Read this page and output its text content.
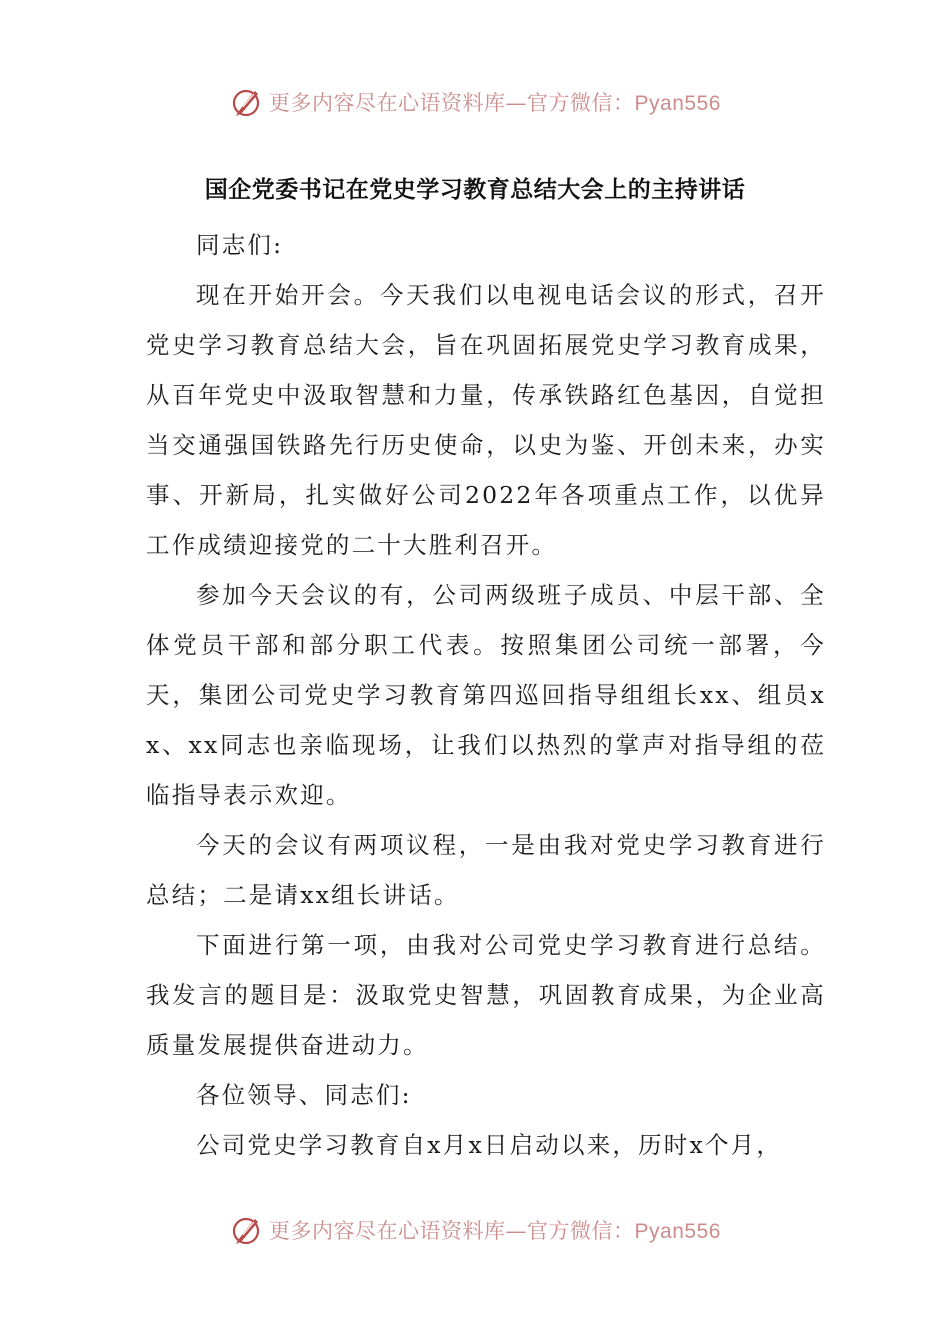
更多内容尽在心语资料库—官方微信：Pyan556
国企党委书记在党史学习教育总结大会上的主持讲话

同志们:

现在开始开会。今天我们以电视电话会议的形式，召开党史学习教育总结大会，旨在巩固拓展党史学习教育成果，从百年党史中汲取智慧和力量，传承铁路红色基因，自觉担当交通强国铁路先行历史使命，以史为鉴、开创未来，办实事、开新局，扎实做好公司2022年各项重点工作，以优异工作成绩迎接党的二十大胜利召开。

参加今天会议的有，公司两级班子成员、中层干部、全体党员干部和部分职工代表。按照集团公司统一部署，今天，集团公司党史学习教育第四巡回指导组组长xx、组员xx、xx同志也亲临现场，让我们以热烈的掌声对指导组的莅临指导表示欢迎。

今天的会议有两项议程，一是由我对党史学习教育进行总结；二是请xx组长讲话。

下面进行第一项，由我对公司党史学习教育进行总结。我发言的题目是：汲取党史智慧，巩固教育成果，为企业高质量发展提供奋进动力。

各位领导、同志们:

公司党史学习教育自x月x日启动以来，历时x个月，

更多内容尽在心语资料库—官方微信：Pyan556
